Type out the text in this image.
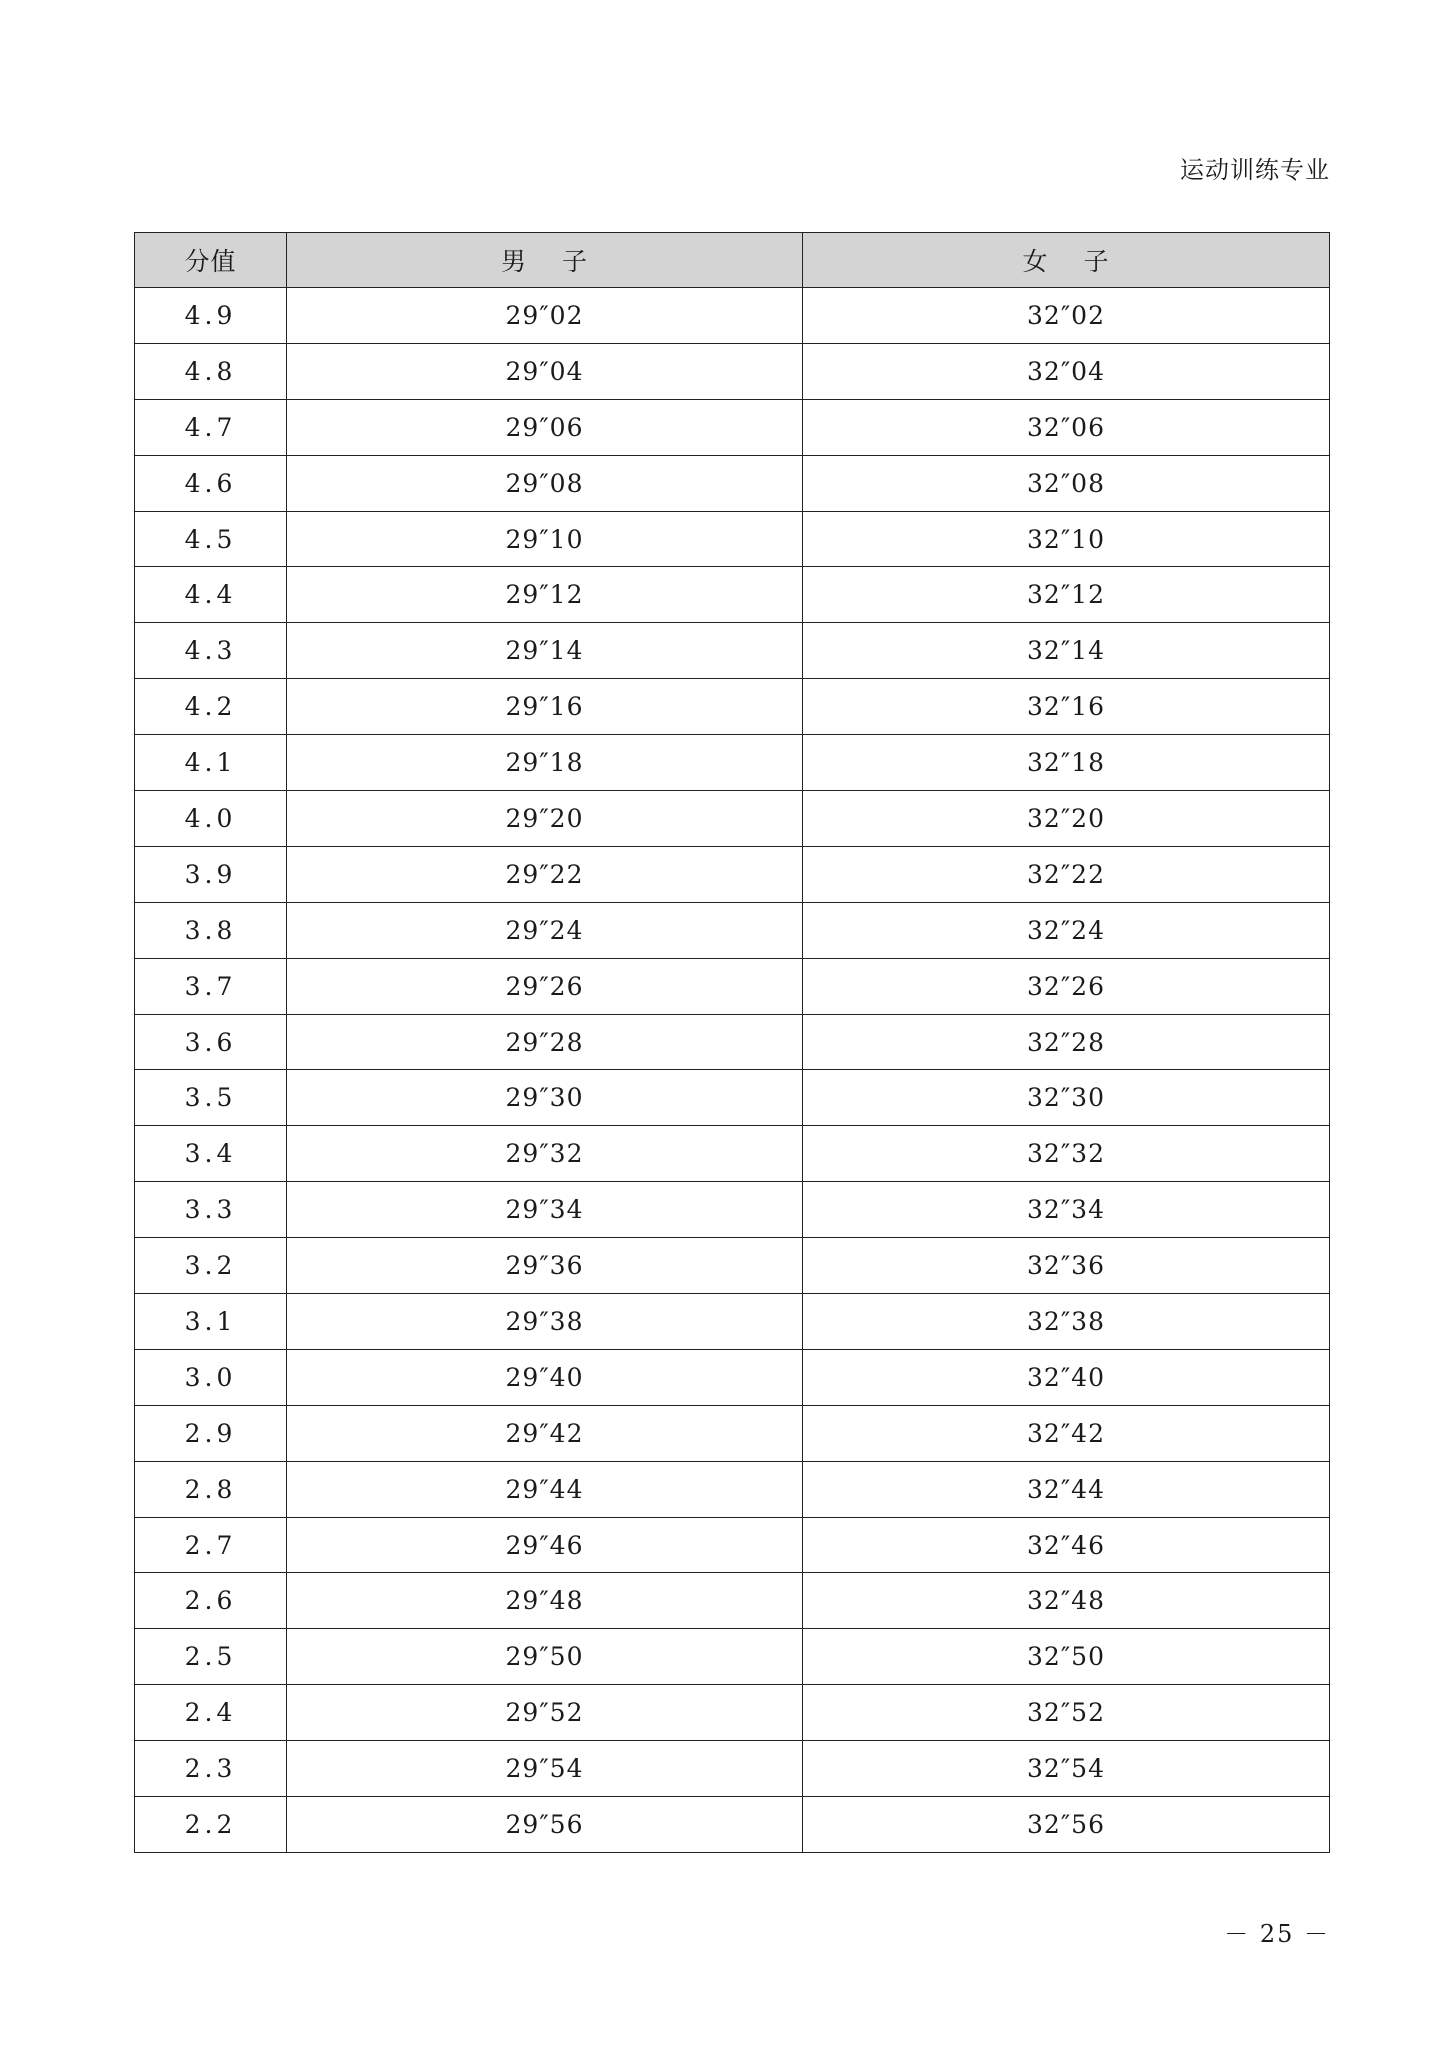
运动训练专业
分值	男　 子	女　 子
4.9	29″02	32″02
4.8	29″04	32″04
4.7	29″06	32″06
4.6	29″08	32″08
4.5	29″10	32″10
4.4	29″12	32″12
4.3	29″14	32″14
4.2	29″16	32″16
4.1	29″18	32″18
4.0	29″20	32″20
3.9	29″22	32″22
3.8	29″24	32″24
3.7	29″26	32″26
3.6	29″28	32″28
3.5	29″30	32″30
3.4	29″32	32″32
3.3	29″34	32″34
3.2	29″36	32″36
3.1	29″38	32″38
3.0	29″40	32″40
2.9	29″42	32″42
2.8	29″44	32″44
2.7	29″46	32″46
2.6	29″48	32″48
2.5	29″50	32″50
2.4	29″52	32″52
2.3	29″54	32″54
2.2	29″56	32″56
－ 25 －
